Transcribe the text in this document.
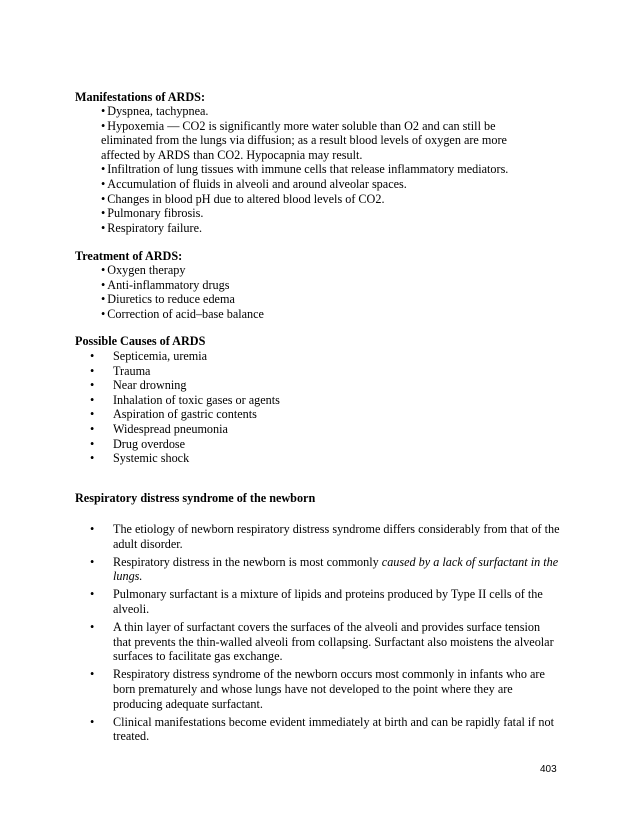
Manifestations of ARDS:
• Dyspnea, tachypnea.
• Hypoxemia — CO2 is significantly more water soluble than O2 and can still be eliminated from the lungs via diffusion; as a result blood levels of oxygen are more affected by ARDS than CO2. Hypocapnia may result.
• Infiltration of lung tissues with immune cells that release inflammatory mediators.
• Accumulation of fluids in alveoli and around alveolar spaces.
• Changes in blood pH due to altered blood levels of CO2.
• Pulmonary fibrosis.
• Respiratory failure.
Treatment of ARDS:
• Oxygen therapy
• Anti-inflammatory drugs
• Diuretics to reduce edema
• Correction of acid–base balance
Possible Causes of ARDS
• Septicemia, uremia
• Trauma
• Near drowning
• Inhalation of toxic gases or agents
• Aspiration of gastric contents
• Widespread pneumonia
• Drug overdose
• Systemic shock
Respiratory distress syndrome of the newborn
• The etiology of newborn respiratory distress syndrome differs considerably from that of the adult disorder.
• Respiratory distress in the newborn is most commonly caused by a lack of surfactant in the lungs.
• Pulmonary surfactant is a mixture of lipids and proteins produced by Type II cells of the alveoli.
• A thin layer of surfactant covers the surfaces of the alveoli and provides surface tension that prevents the thin-walled alveoli from collapsing. Surfactant also moistens the alveolar surfaces to facilitate gas exchange.
• Respiratory distress syndrome of the newborn occurs most commonly in infants who are born prematurely and whose lungs have not developed to the point where they are producing adequate surfactant.
• Clinical manifestations become evident immediately at birth and can be rapidly fatal if not treated.
403
